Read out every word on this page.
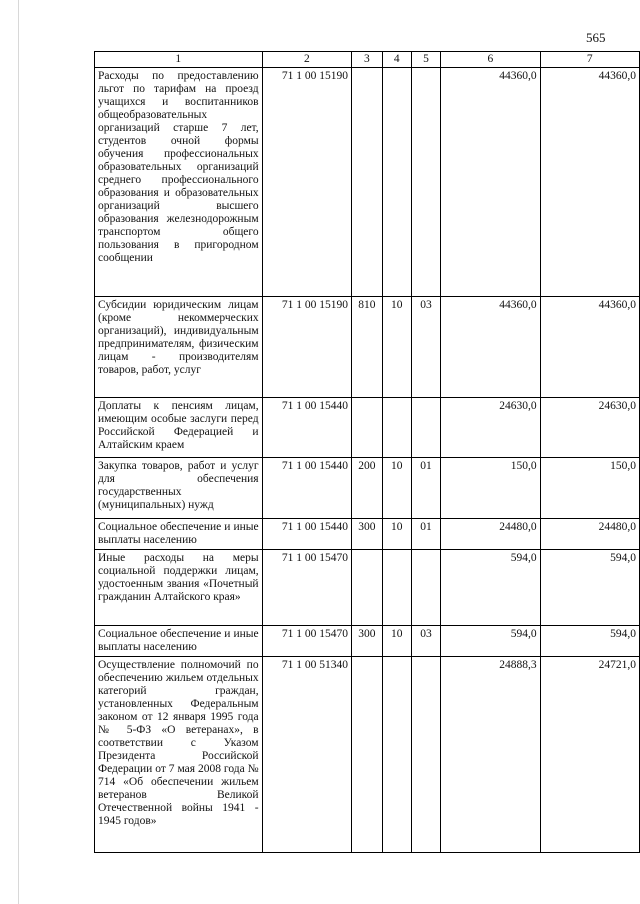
565
1	2	3	4	5	6	7
Расходы по предоставлению льгот по тарифам на проезд учащихся и воспитанников общеобразовательных организаций старше 7 лет, студентов очной формы обучения профессиональных образовательных организаций среднего профессионального образования и образовательных организаций высшего образования железнодорожным транспортом общего пользования в пригородном сообщении	71 1 00 15190				44360,0	44360,0
Субсидии юридическим лицам (кроме некоммерческих организаций), индивидуальным предпринимателям, физическим лицам - производителям товаров, работ, услуг	71 1 00 15190	810	10	03	44360,0	44360,0
Доплаты к пенсиям лицам, имеющим особые заслуги перед Российской Федерацией и Алтайским краем	71 1 00 15440				24630,0	24630,0
Закупка товаров, работ и услуг для обеспечения государственных (муниципальных) нужд	71 1 00 15440	200	10	01	150,0	150,0
Социальное обеспечение и иные выплаты населению	71 1 00 15440	300	10	01	24480,0	24480,0
Иные расходы на меры социальной поддержки лицам, удостоенным звания «Почетный гражданин Алтайского края»	71 1 00 15470				594,0	594,0
Социальное обеспечение и иные выплаты населению	71 1 00 15470	300	10	03	594,0	594,0
Осуществление полномочий по обеспечению жильем отдельных категорий граждан, установленных Федеральным законом от 12 января 1995 года № 5-ФЗ «О ветеранах», в соответствии с Указом Президента Российской Федерации от 7 мая 2008 года № 714 «Об обеспечении жильем ветеранов Великой Отечественной войны 1941 - 1945 годов»	71 1 00 51340				24888,3	24721,0
